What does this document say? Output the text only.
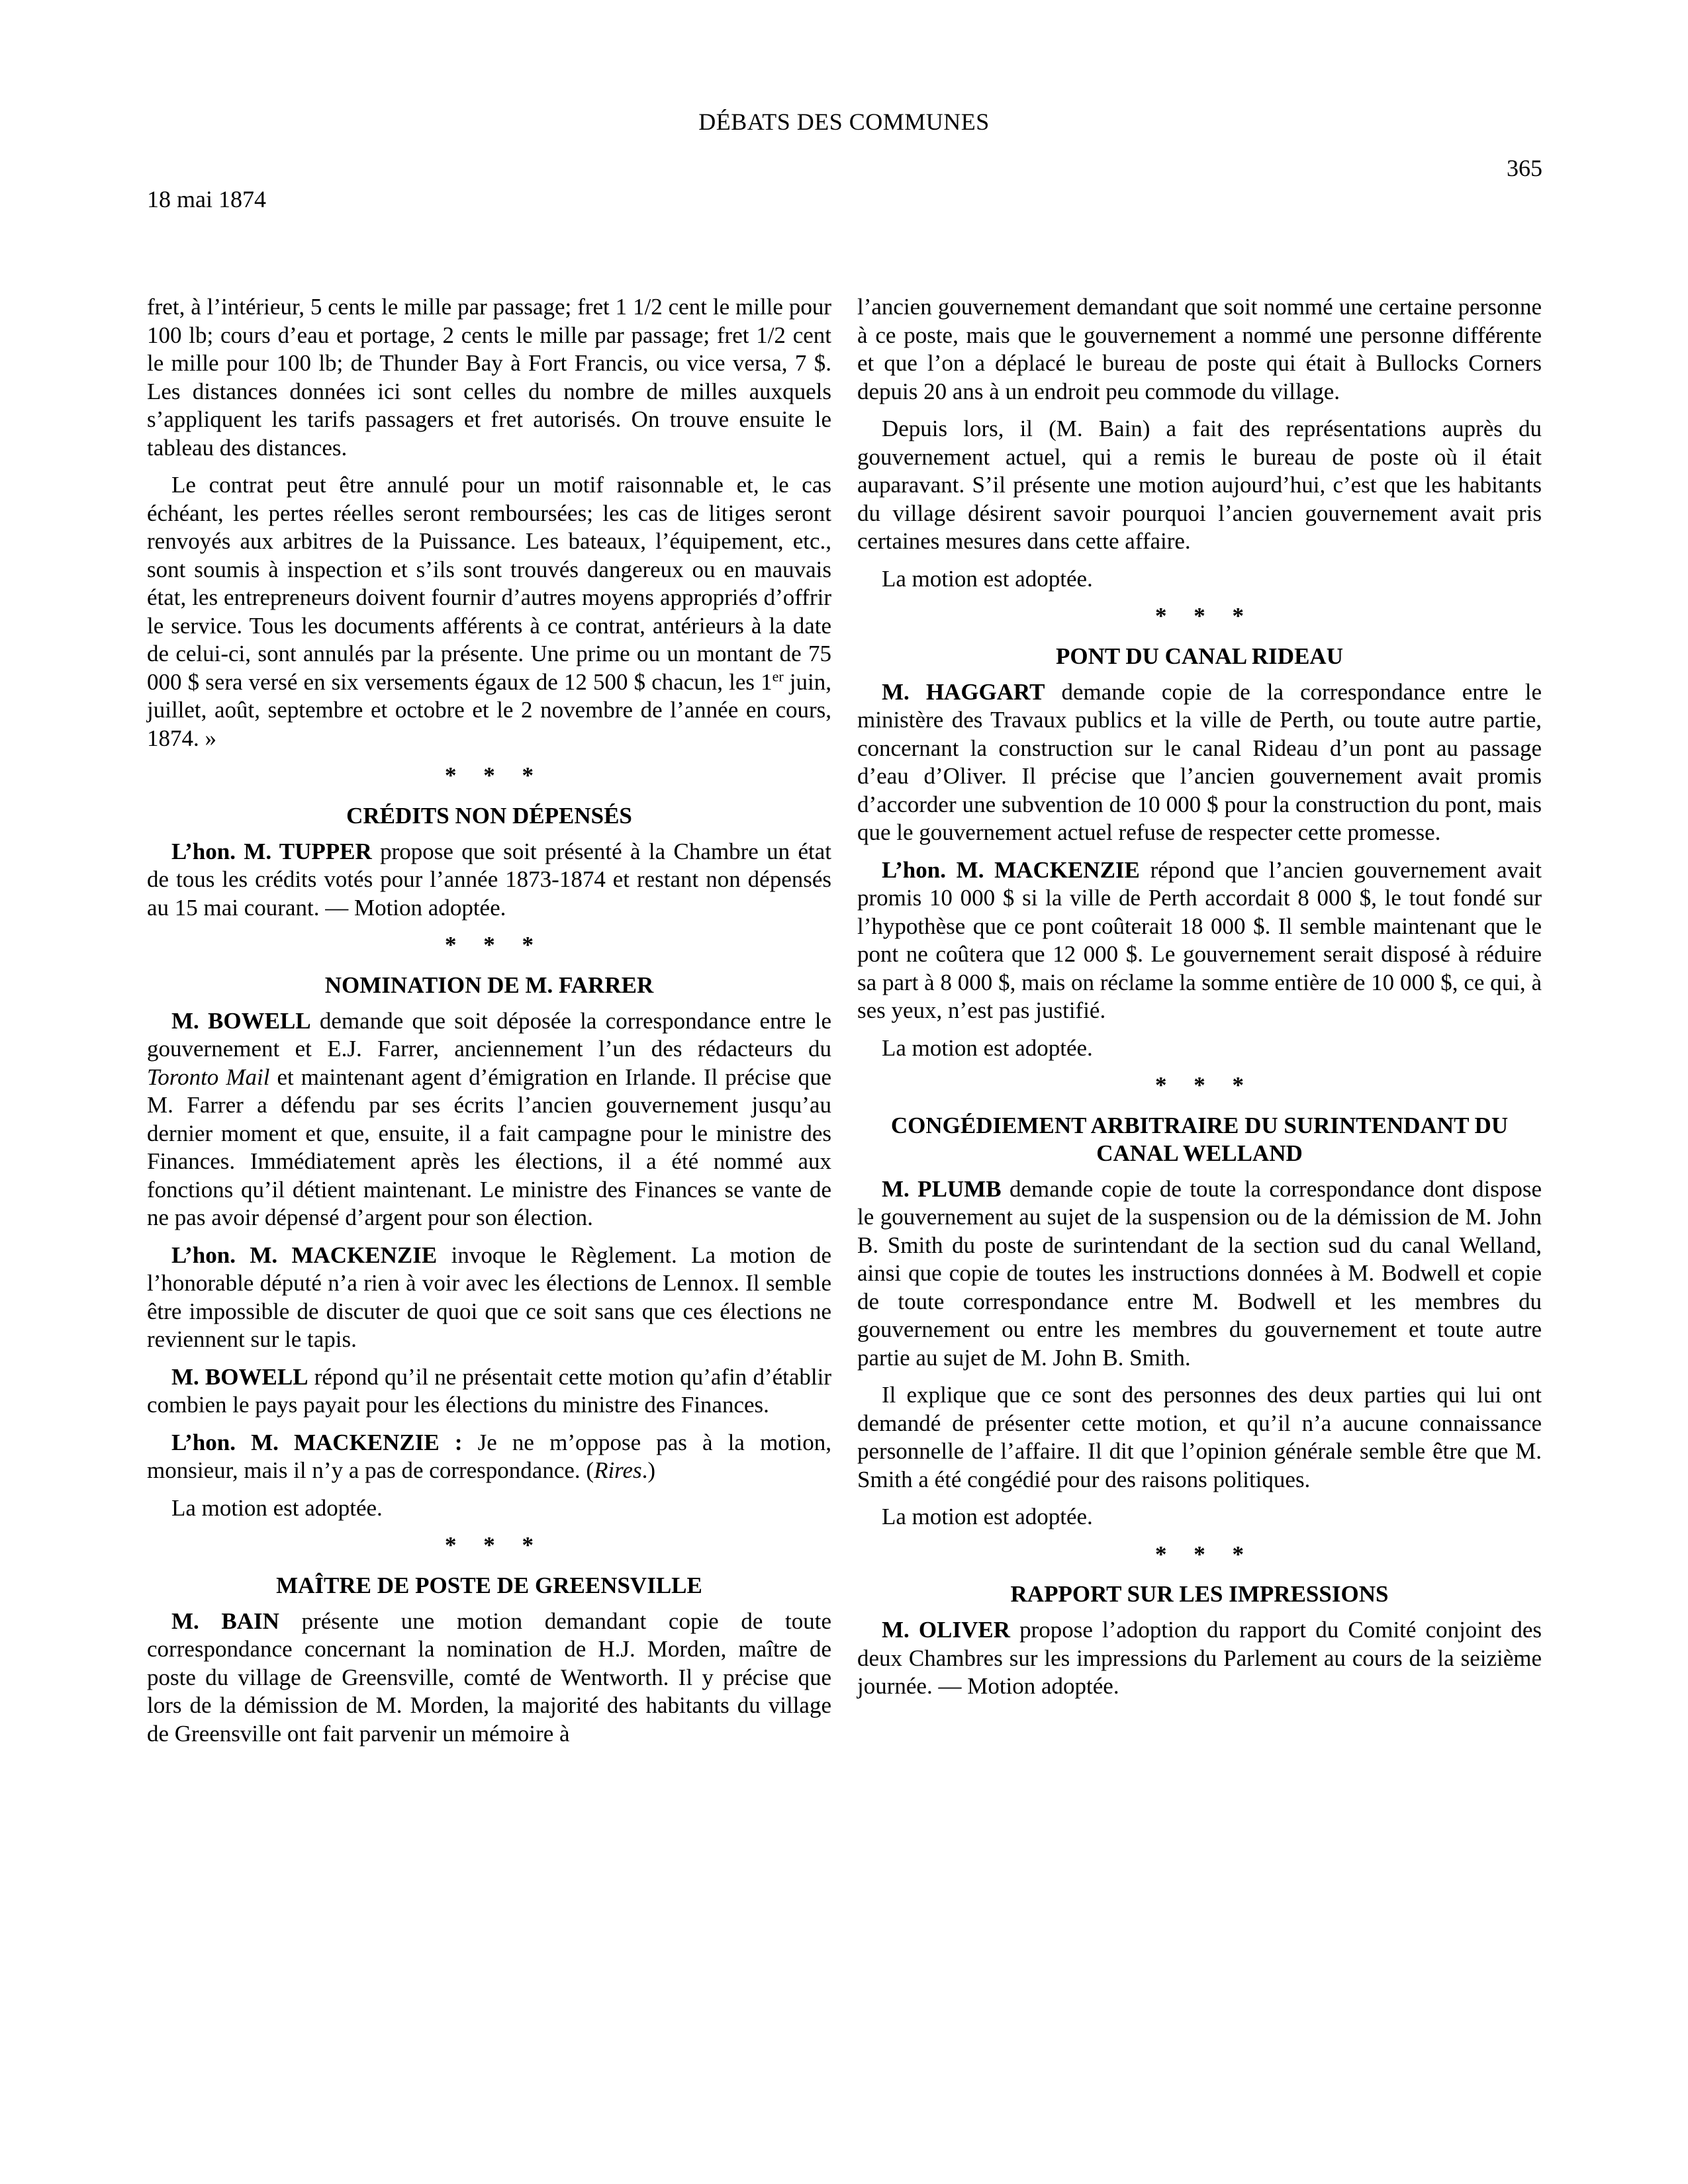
DÉBATS DES COMMUNES
365
18 mai 1874

fret, à l’intérieur, 5 cents le mille par passage; fret 1 1/2 cent le mille pour 100 lb; cours d’eau et portage, 2 cents le mille par passage; fret 1/2 cent le mille pour 100 lb; de Thunder Bay à Fort Francis, ou vice versa, 7 $. Les distances données ici sont celles du nombre de milles auxquels s’appliquent les tarifs passagers et fret autorisés. On trouve ensuite le tableau des distances.

Le contrat peut être annulé pour un motif raisonnable et, le cas échéant, les pertes réelles seront remboursées; les cas de litiges seront renvoyés aux arbitres de la Puissance. Les bateaux, l’équipement, etc., sont soumis à inspection et s’ils sont trouvés dangereux ou en mauvais état, les entrepreneurs doivent fournir d’autres moyens appropriés d’offrir le service. Tous les documents afférents à ce contrat, antérieurs à la date de celui-ci, sont annulés par la présente. Une prime ou un montant de 75 000 $ sera versé en six versements égaux de 12 500 $ chacun, les 1er juin, juillet, août, septembre et octobre et le 2 novembre de l’année en cours, 1874. »

* * *
CRÉDITS NON DÉPENSÉS

L’hon. M. TUPPER propose que soit présenté à la Chambre un état de tous les crédits votés pour l’année 1873-1874 et restant non dépensés au 15 mai courant. — Motion adoptée.

* * *
NOMINATION DE M. FARRER

M. BOWELL demande que soit déposée la correspondance entre le gouvernement et E.J. Farrer, anciennement l’un des rédacteurs du Toronto Mail et maintenant agent d’émigration en Irlande. Il précise que M. Farrer a défendu par ses écrits l’ancien gouvernement jusqu’au dernier moment et que, ensuite, il a fait campagne pour le ministre des Finances. Immédiatement après les élections, il a été nommé aux fonctions qu’il détient maintenant. Le ministre des Finances se vante de ne pas avoir dépensé d’argent pour son élection.

L’hon. M. MACKENZIE invoque le Règlement. La motion de l’honorable député n’a rien à voir avec les élections de Lennox. Il semble être impossible de discuter de quoi que ce soit sans que ces élections ne reviennent sur le tapis.

M. BOWELL répond qu’il ne présentait cette motion qu’afin d’établir combien le pays payait pour les élections du ministre des Finances.

L’hon. M. MACKENZIE : Je ne m’oppose pas à la motion, monsieur, mais il n’y a pas de correspondance. (Rires.)

La motion est adoptée.

* * *
MAÎTRE DE POSTE DE GREENSVILLE

M. BAIN présente une motion demandant copie de toute correspondance concernant la nomination de H.J. Morden, maître de poste du village de Greensville, comté de Wentworth. Il y précise que lors de la démission de M. Morden, la majorité des habitants du village de Greensville ont fait parvenir un mémoire à

l’ancien gouvernement demandant que soit nommé une certaine personne à ce poste, mais que le gouvernement a nommé une personne différente et que l’on a déplacé le bureau de poste qui était à Bullocks Corners depuis 20 ans à un endroit peu commode du village.

Depuis lors, il (M. Bain) a fait des représentations auprès du gouvernement actuel, qui a remis le bureau de poste où il était auparavant. S’il présente une motion aujourd’hui, c’est que les habitants du village désirent savoir pourquoi l’ancien gouvernement avait pris certaines mesures dans cette affaire.

La motion est adoptée.

* * *
PONT DU CANAL RIDEAU

M. HAGGART demande copie de la correspondance entre le ministère des Travaux publics et la ville de Perth, ou toute autre partie, concernant la construction sur le canal Rideau d’un pont au passage d’eau d’Oliver. Il précise que l’ancien gouvernement avait promis d’accorder une subvention de 10 000 $ pour la construction du pont, mais que le gouvernement actuel refuse de respecter cette promesse.

L’hon. M. MACKENZIE répond que l’ancien gouvernement avait promis 10 000 $ si la ville de Perth accordait 8 000 $, le tout fondé sur l’hypothèse que ce pont coûterait 18 000 $. Il semble maintenant que le pont ne coûtera que 12 000 $. Le gouvernement serait disposé à réduire sa part à 8 000 $, mais on réclame la somme entière de 10 000 $, ce qui, à ses yeux, n’est pas justifié.

La motion est adoptée.

* * *
CONGÉDIEMENT ARBITRAIRE DU SURINTENDANT DU CANAL WELLAND

M. PLUMB demande copie de toute la correspondance dont dispose le gouvernement au sujet de la suspension ou de la démission de M. John B. Smith du poste de surintendant de la section sud du canal Welland, ainsi que copie de toutes les instructions données à M. Bodwell et copie de toute correspondance entre M. Bodwell et les membres du gouvernement ou entre les membres du gouvernement et toute autre partie au sujet de M. John B. Smith.

Il explique que ce sont des personnes des deux parties qui lui ont demandé de présenter cette motion, et qu’il n’a aucune connaissance personnelle de l’affaire. Il dit que l’opinion générale semble être que M. Smith a été congédié pour des raisons politiques.

La motion est adoptée.

* * *
RAPPORT SUR LES IMPRESSIONS

M. OLIVER propose l’adoption du rapport du Comité conjoint des deux Chambres sur les impressions du Parlement au cours de la seizième journée. — Motion adoptée.
